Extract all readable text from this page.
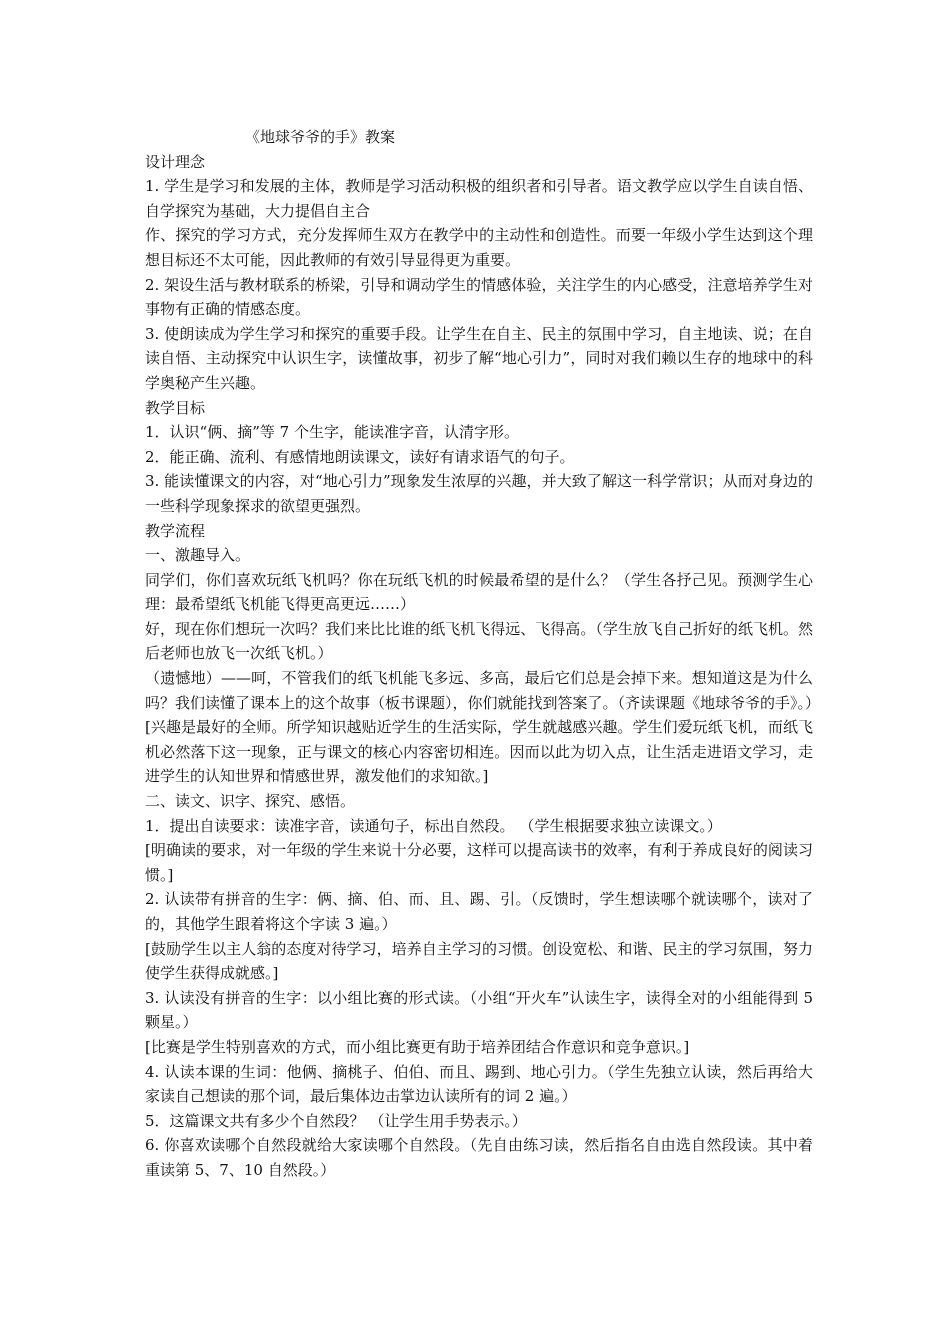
《地球爷爷的手》教案

设计理念

1. 学生是学习和发展的主体，教师是学习活动积极的组织者和引导者。语文教学应以学生自读自悟、自学探究为基础，大力提倡自主合

作、探究的学习方式，充分发挥师生双方在教学中的主动性和创造性。而要一年级小学生达到这个理想目标还不太可能，因此教师的有效引导显得更为重要。

2. 架设生活与教材联系的桥梁，引导和调动学生的情感体验，关注学生的内心感受，注意培养学生对事物有正确的情感态度。

3. 使朗读成为学生学习和探究的重要手段。让学生在自主、民主的氛围中学习，自主地读、说；在自读自悟、主动探究中认识生字，读懂故事，初步了解“地心引力”，同时对我们赖以生存的地球中的科学奥秘产生兴趣。

教学目标

1．认识“俩、摘”等 7 个生字，能读准字音，认清字形。

2．能正确、流利、有感情地朗读课文，读好有请求语气的句子。

3. 能读懂课文的内容，对“地心引力”现象发生浓厚的兴趣，并大致了解这一科学常识；从而对身边的一些科学现象探求的欲望更强烈。

教学流程

一、激趣导入。

同学们，你们喜欢玩纸飞机吗？你在玩纸飞机的时候最希望的是什么？（学生各抒己见。预测学生心理：最希望纸飞机能飞得更高更远……）

好，现在你们想玩一次吗？我们来比比谁的纸飞机飞得远、飞得高。（学生放飞自己折好的纸飞机。然后老师也放飞一次纸飞机。）

（遗憾地）——呵，不管我们的纸飞机能飞多远、多高，最后它们总是会掉下来。想知道这是为什么吗？我们读懂了课本上的这个故事（板书课题），你们就能找到答案了。（齐读课题《地球爷爷的手》。）

[兴趣是最好的全师。所学知识越贴近学生的生活实际，学生就越感兴趣。学生们爱玩纸飞机，而纸飞机必然落下这一现象，正与课文的核心内容密切相连。因而以此为切入点，让生活走进语文学习，走进学生的认知世界和情感世界，激发他们的求知欲。]

二、读文、识字、探究、感悟。

1．提出自读要求：读准字音，读通句子，标出自然段。 （学生根据要求独立读课文。）

[明确读的要求，对一年级的学生来说十分必要，这样可以提高读书的效率，有利于养成良好的阅读习惯。]

2. 认读带有拼音的生字：俩、摘、伯、而、且、踢、引。（反馈时，学生想读哪个就读哪个，读对了的，其他学生跟着将这个字读 3 遍。）

[鼓励学生以主人翁的态度对待学习，培养自主学习的习惯。创设宽松、和谐、民主的学习氛围，努力使学生获得成就感。]

3. 认读没有拼音的生字：以小组比赛的形式读。（小组“开火车”认读生字，读得全对的小组能得到 5 颗星。）

[比赛是学生特别喜欢的方式，而小组比赛更有助于培养团结合作意识和竞争意识。]

4. 认读本课的生词：他俩、摘桃子、伯伯、而且、踢到、地心引力。（学生先独立认读，然后再给大家读自己想读的那个词，最后集体边击掌边认读所有的词 2 遍。）

5．这篇课文共有多少个自然段？ （让学生用手势表示。）

6. 你喜欢读哪个自然段就给大家读哪个自然段。（先自由练习读，然后指名自由选自然段读。其中着重读第 5、7、10 自然段。）
